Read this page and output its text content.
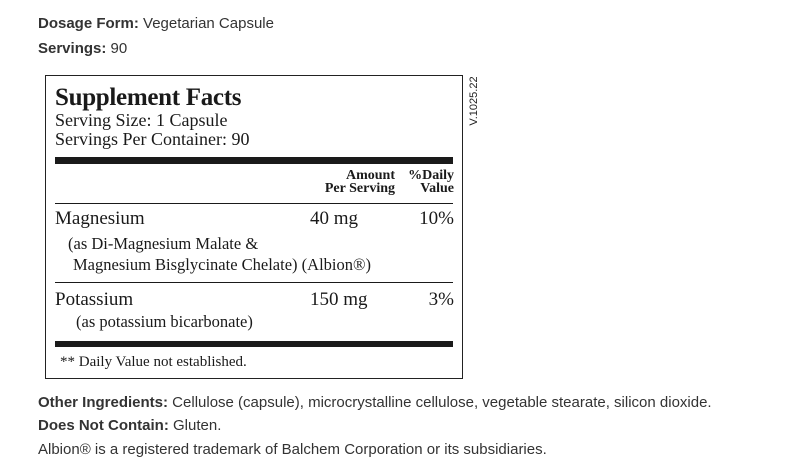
Dosage Form: Vegetarian Capsule
Servings: 90
Supplement Facts
Serving Size: 1 Capsule
Servings Per Container: 90
Amount
Per Serving
%Daily
Value
Magnesium
(as Di-Magnesium Malate &
Magnesium Bisglycinate Chelate) (Albion®)
40 mg	10%
Potassium
(as potassium bicarbonate)
150 mg	3%
** Daily Value not established.
V.1025.22
Other Ingredients: Cellulose (capsule), microcrystalline cellulose, vegetable stearate, silicon dioxide.
Does Not Contain: Gluten.
Albion® is a registered trademark of Balchem Corporation or its subsidiaries.
